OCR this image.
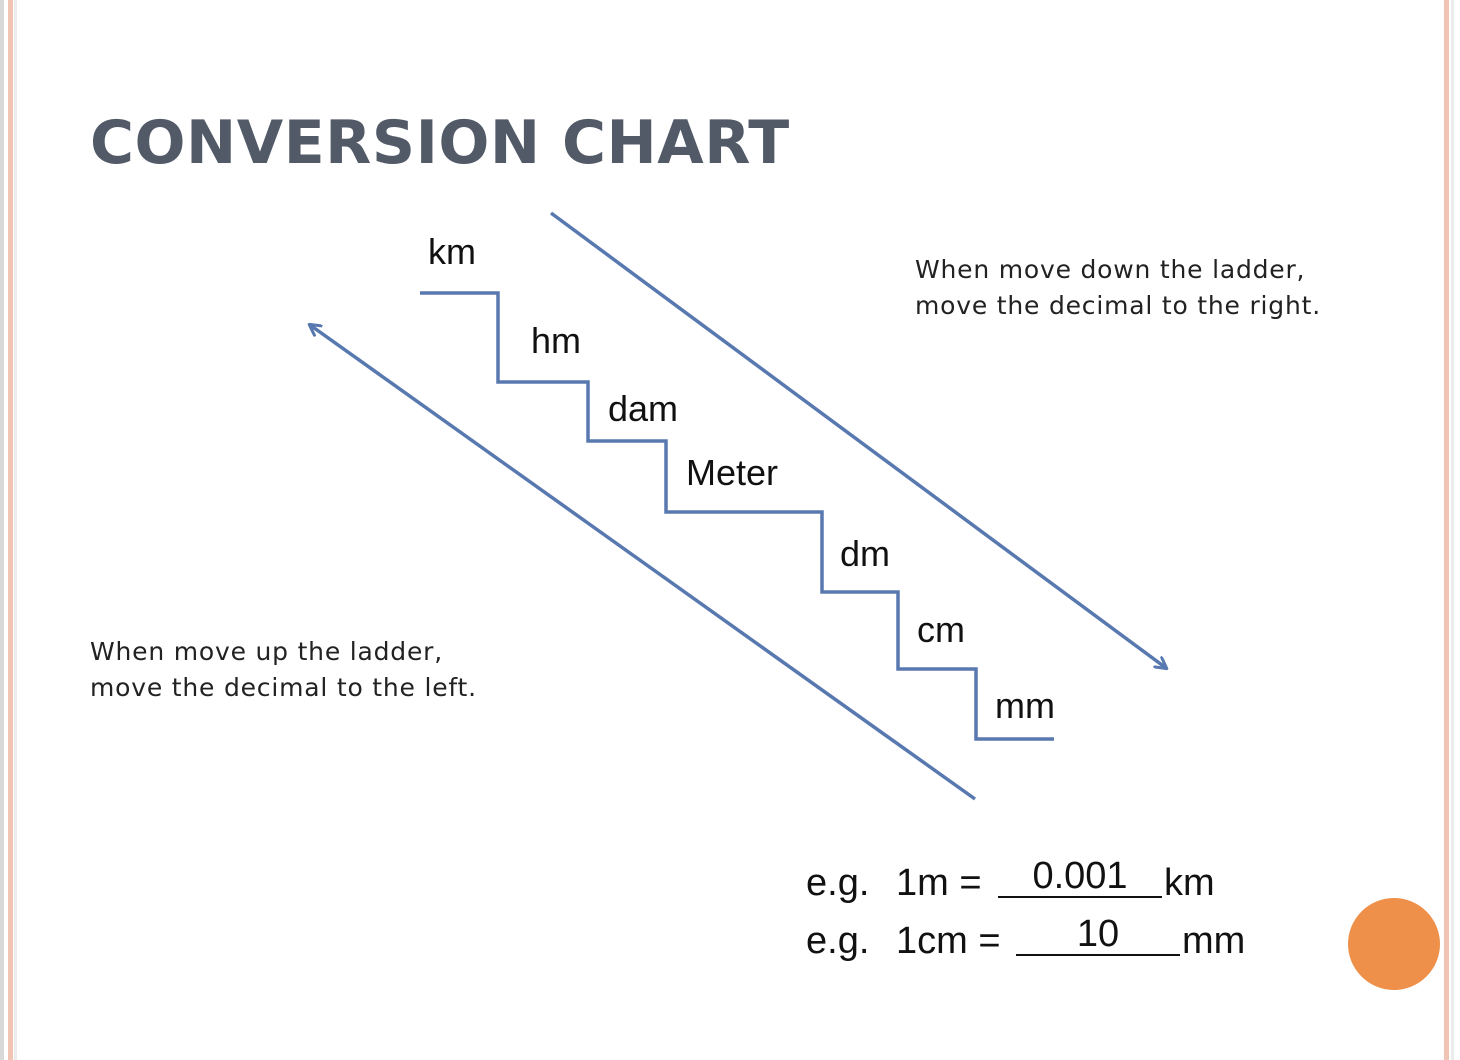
CONVERSION CHART
km
hm
dam
Meter
dm
cm
mm
When move down the ladder,
move the decimal to the right.
When move up the ladder,
move the decimal to the left.
e.g. 1m =	0.001 km
e.g. 1cm =	10	mm
